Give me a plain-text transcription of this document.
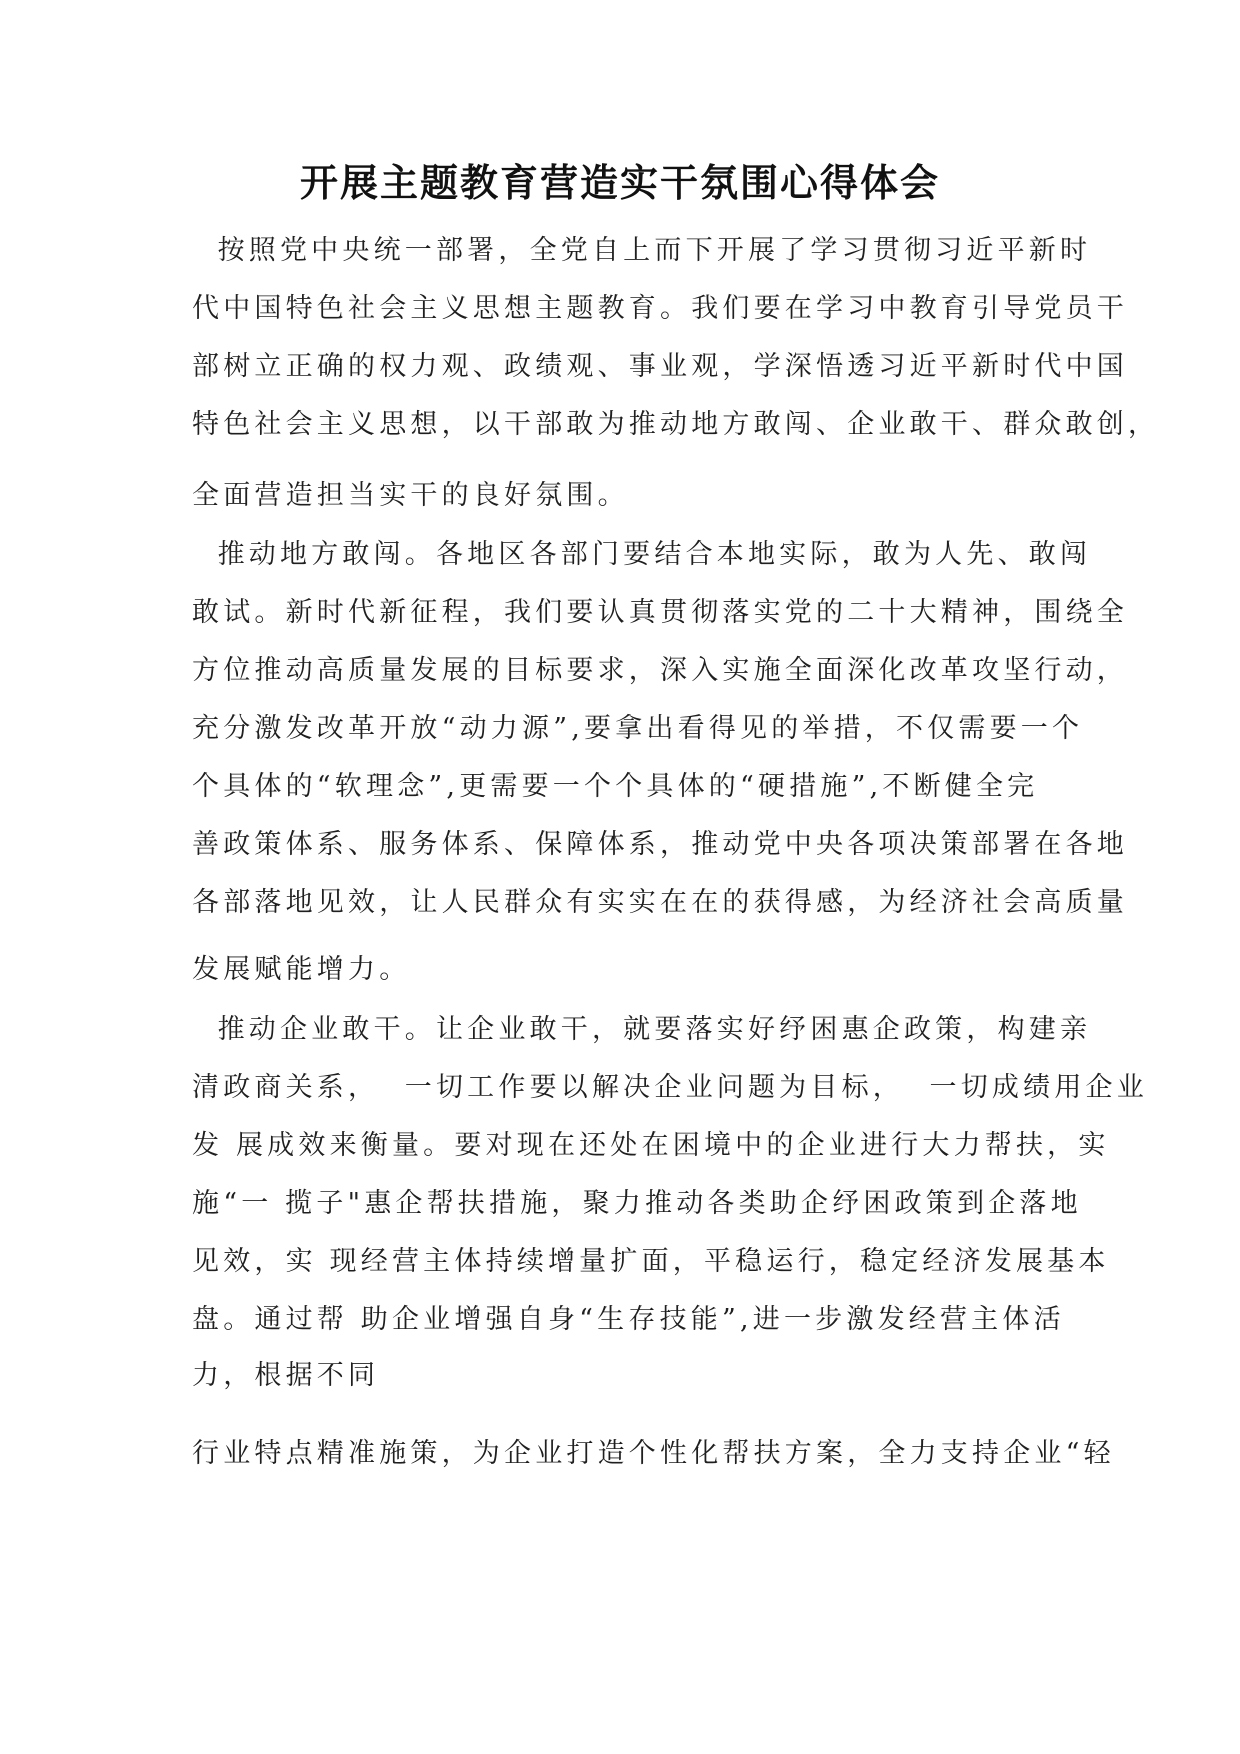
开展主题教育营造实干氛围心得体会
按照党中央统一部署，全党自上而下开展了学习贯彻习近平新时
代中国特色社会主义思想主题教育。我们要在学习中教育引导党员干
部树立正确的权力观、政绩观、事业观，学深悟透习近平新时代中国
特色社会主义思想，以干部敢为推动地方敢闯、企业敢干、群众敢创，
全面营造担当实干的良好氛围。
推动地方敢闯。各地区各部门要结合本地实际，敢为人先、敢闯
敢试。新时代新征程，我们要认真贯彻落实党的二十大精神，围绕全
方位推动高质量发展的目标要求，深入实施全面深化改革攻坚行动，
充分激发改革开放“动力源”,要拿出看得见的举措，不仅需要一个
个具体的“软理念”,更需要一个个具体的“硬措施”,不断健全完
善政策体系、服务体系、保障体系，推动党中央各项决策部署在各地
各部落地见效，让人民群众有实实在在的获得感，为经济社会高质量
发展赋能增力。
推动企业敢干。让企业敢干，就要落实好纾困惠企政策，构建亲
清政商关系，  一切工作要以解决企业问题为目标，  一切成绩用企业
发 展成效来衡量。要对现在还处在困境中的企业进行大力帮扶，实
施“一 揽子"惠企帮扶措施，聚力推动各类助企纾困政策到企落地
见效，实 现经营主体持续增量扩面，平稳运行，稳定经济发展基本
盘。通过帮 助企业增强自身“生存技能”,进一步激发经营主体活
力，根据不同
行业特点精准施策，为企业打造个性化帮扶方案，全力支持企业“轻
